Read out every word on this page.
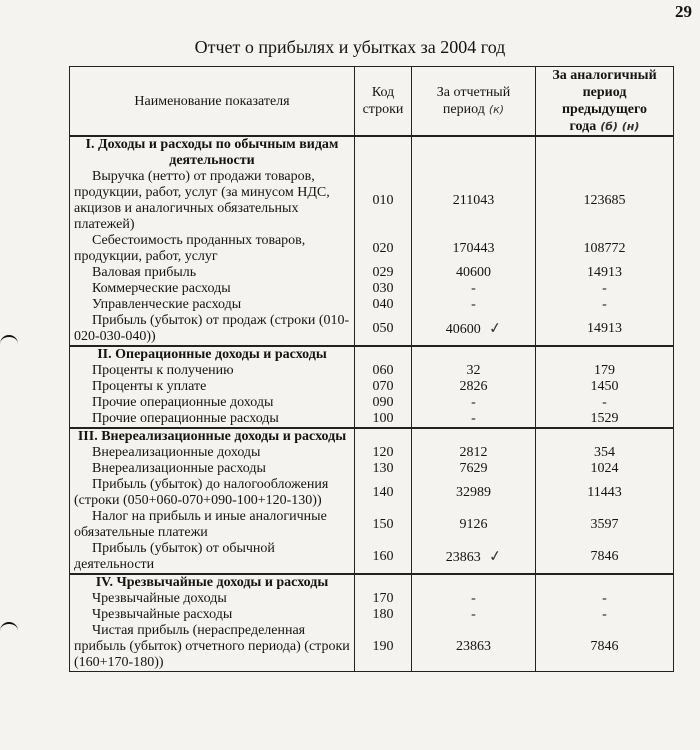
29
Отчет о прибылях и убытках за 2004 год
Наименование показателя	Код строки	За отчетный период (к)	За аналогичный период предыдущего года (б) (н)
I. Доходы и расходы по обычным видам деятельности			
Выручка (нетто) от продажи товаров, продукции, работ, услуг (за минусом НДС, акцизов и аналогичных обязательных платежей)	010	211043	123685
Себестоимость проданных товаров, продукции, работ, услуг	020	170443	108772
Валовая прибыль	029	40600	14913
Коммерческие расходы	030	-	-
Управленческие расходы	040	-	-
Прибыль (убыток) от продаж (строки (010-020-030-040))	050	40600 ✓	14913
II. Операционные доходы и расходы			
Проценты к получению	060	32	179
Проценты к уплате	070	2826	1450
Прочие операционные доходы	090	-	-
Прочие операционные расходы	100	-	1529
III. Внереализационные доходы и расходы			
Внереализационные доходы	120	2812	354
Внереализационные расходы	130	7629	1024
Прибыль (убыток) до налогообложения (строки (050+060-070+090-100+120-130))	140	32989	11443
Налог на прибыль и иные аналогичные обязательные платежи	150	9126	3597
Прибыль (убыток) от обычной деятельности	160	23863 ✓	7846
IV. Чрезвычайные доходы и расходы			
Чрезвычайные доходы	170	-	-
Чрезвычайные расходы	180	-	-
Чистая прибыль (нераспределенная прибыль (убыток) отчетного периода) (строки (160+170-180))	190	23863	7846
